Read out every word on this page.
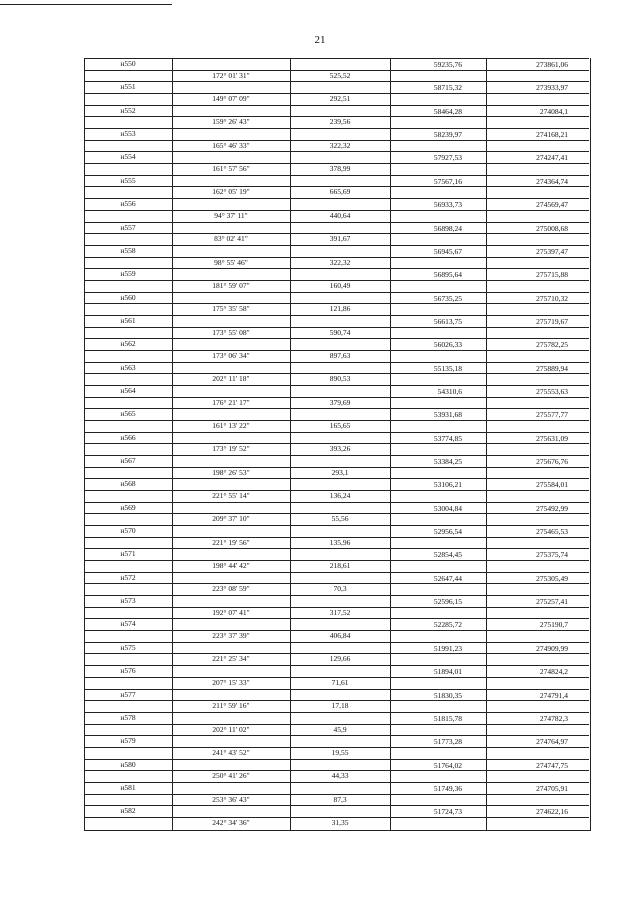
21
н550	59235,76	273861,06
172° 01' 31"	525,52
н551	58715,32	273933,97
149° 07' 09"	292,51
н552	58464,28	274084,1
159° 26' 43"	239,56
н553	58239,97	274168,21
165° 46' 33"	322,32
н554	57927,53	274247,41
161° 57' 56"	378,99
н555	57567,16	274364,74
162° 05' 19"	665,69
н556	56933,73	274569,47
94° 37' 11"	440,64
н557	56898,24	275008,68
83° 02' 41"	391,67
н558	56945,67	275397,47
98° 55' 46"	322,32
н559	56895,64	275715,88
181° 59' 07"	160,49
н560	56735,25	275710,32
175° 35' 58"	121,86
н561	56613,75	275719,67
173° 55' 08"	590,74
н562	56026,33	275782,25
173° 06' 34"	897,63
н563	55135,18	275889,94
202° 11' 18"	890,53
н564	54310,6	275553,63
176° 21' 17"	379,69
н565	53931,68	275577,77
161° 13' 22"	165,65
н566	53774,85	275631,09
173° 19' 52"	393,26
н567	53384,25	275676,76
198° 26' 53"	293,1
н568	53106,21	275584,01
221° 55' 14"	136,24
н569	53004,84	275492,99
209° 37' 10"	55,56
н570	52956,54	275465,53
221° 19' 56"	135,96
н571	52854,45	275375,74
198° 44' 42"	218,61
н572	52647,44	275305,49
223° 08' 59"	70,3
н573	52596,15	275257,41
192° 07' 41"	317,52
н574	52285,72	275190,7
223° 37' 39"	406,84
н575	51991,23	274909,99
221° 25' 34"	129,66
н576	51894,01	274824,2
207° 15' 33"	71,61
н577	51830,35	274791,4
211° 59' 16"	17,18
н578	51815,78	274782,3
202° 11' 02"	45,9
н579	51773,28	274764,97
241° 43' 52"	19,55
н580	51764,02	274747,75
250° 41' 26"	44,33
н581	51749,36	274705,91
253° 36' 43"	87,3
н582	51724,73	274622,16
242° 34' 36"	31,35
